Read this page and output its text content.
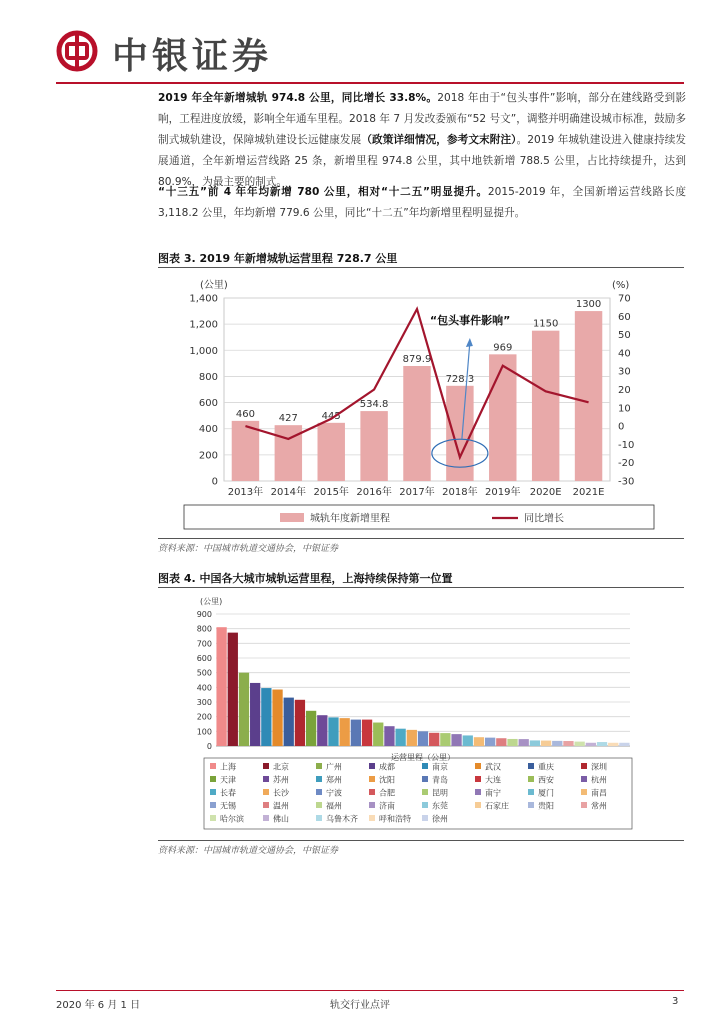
中银证券
2019 年全年新增城轨 974.8 公里，同比增长 33.8%。2018 年由于“包头事件”影响，部分在建线路受到影响，工程进度放缓，影响全年通车里程。2018 年 7 月发改委颁布“52 号文”，调整并明确建设城市标准，鼓励多制式城轨建设，保障城轨建设长远健康发展（政策详细情况，参考文末附注）。2019 年城轨建设进入健康持续发展通道，全年新增运营线路 25 条，新增里程 974.8 公里，其中地铁新增 788.5 公里，占比持续提升，达到 80.9%，为最主要的制式。
“十三五”前 4 年年均新增 780 公里，相对“十二五”明显提升。2015-2019 年，全国新增运营线路长度 3,118.2 公里，年均新增 779.6 公里，同比“十二五”年均新增里程明显提升。
图表 3. 2019 年新增城轨运营里程 728.7 公里
0
200
400
600
800
1,000
1,200
1,400
-30
-20
-10
0
10
20
30
40
50
60
70
(公里)	(%)
460 427 445
534.8
879.9
728.3
969
1150
1300
2013年 2014年 2015年 2016年 2017年 2018年 2019年 2020E 2021E
“包头事件影响”
城轨年度新增里程	同比增长
资料来源：中国城市轨道交通协会，中银证券
图表 4. 中国各大城市城轨运营里程，上海持续保持第一位置
0
100
200
300
400
500
600
700
800
900
(公里)
运营里程（公里）
上海	北京	广州	成都	南京	武汉	重庆	深圳
天津	苏州	郑州	沈阳	青岛	大连	西安	杭州
长春	长沙	宁波	合肥	昆明	南宁	厦门	南昌
无锡	温州	福州	济南	东莞	石家庄	贵阳	常州
哈尔滨	佛山	乌鲁木齐	呼和浩特	徐州
资料来源：中国城市轨道交通协会，中银证券
2020 年 6 月 1 日	轨交行业点评	3
